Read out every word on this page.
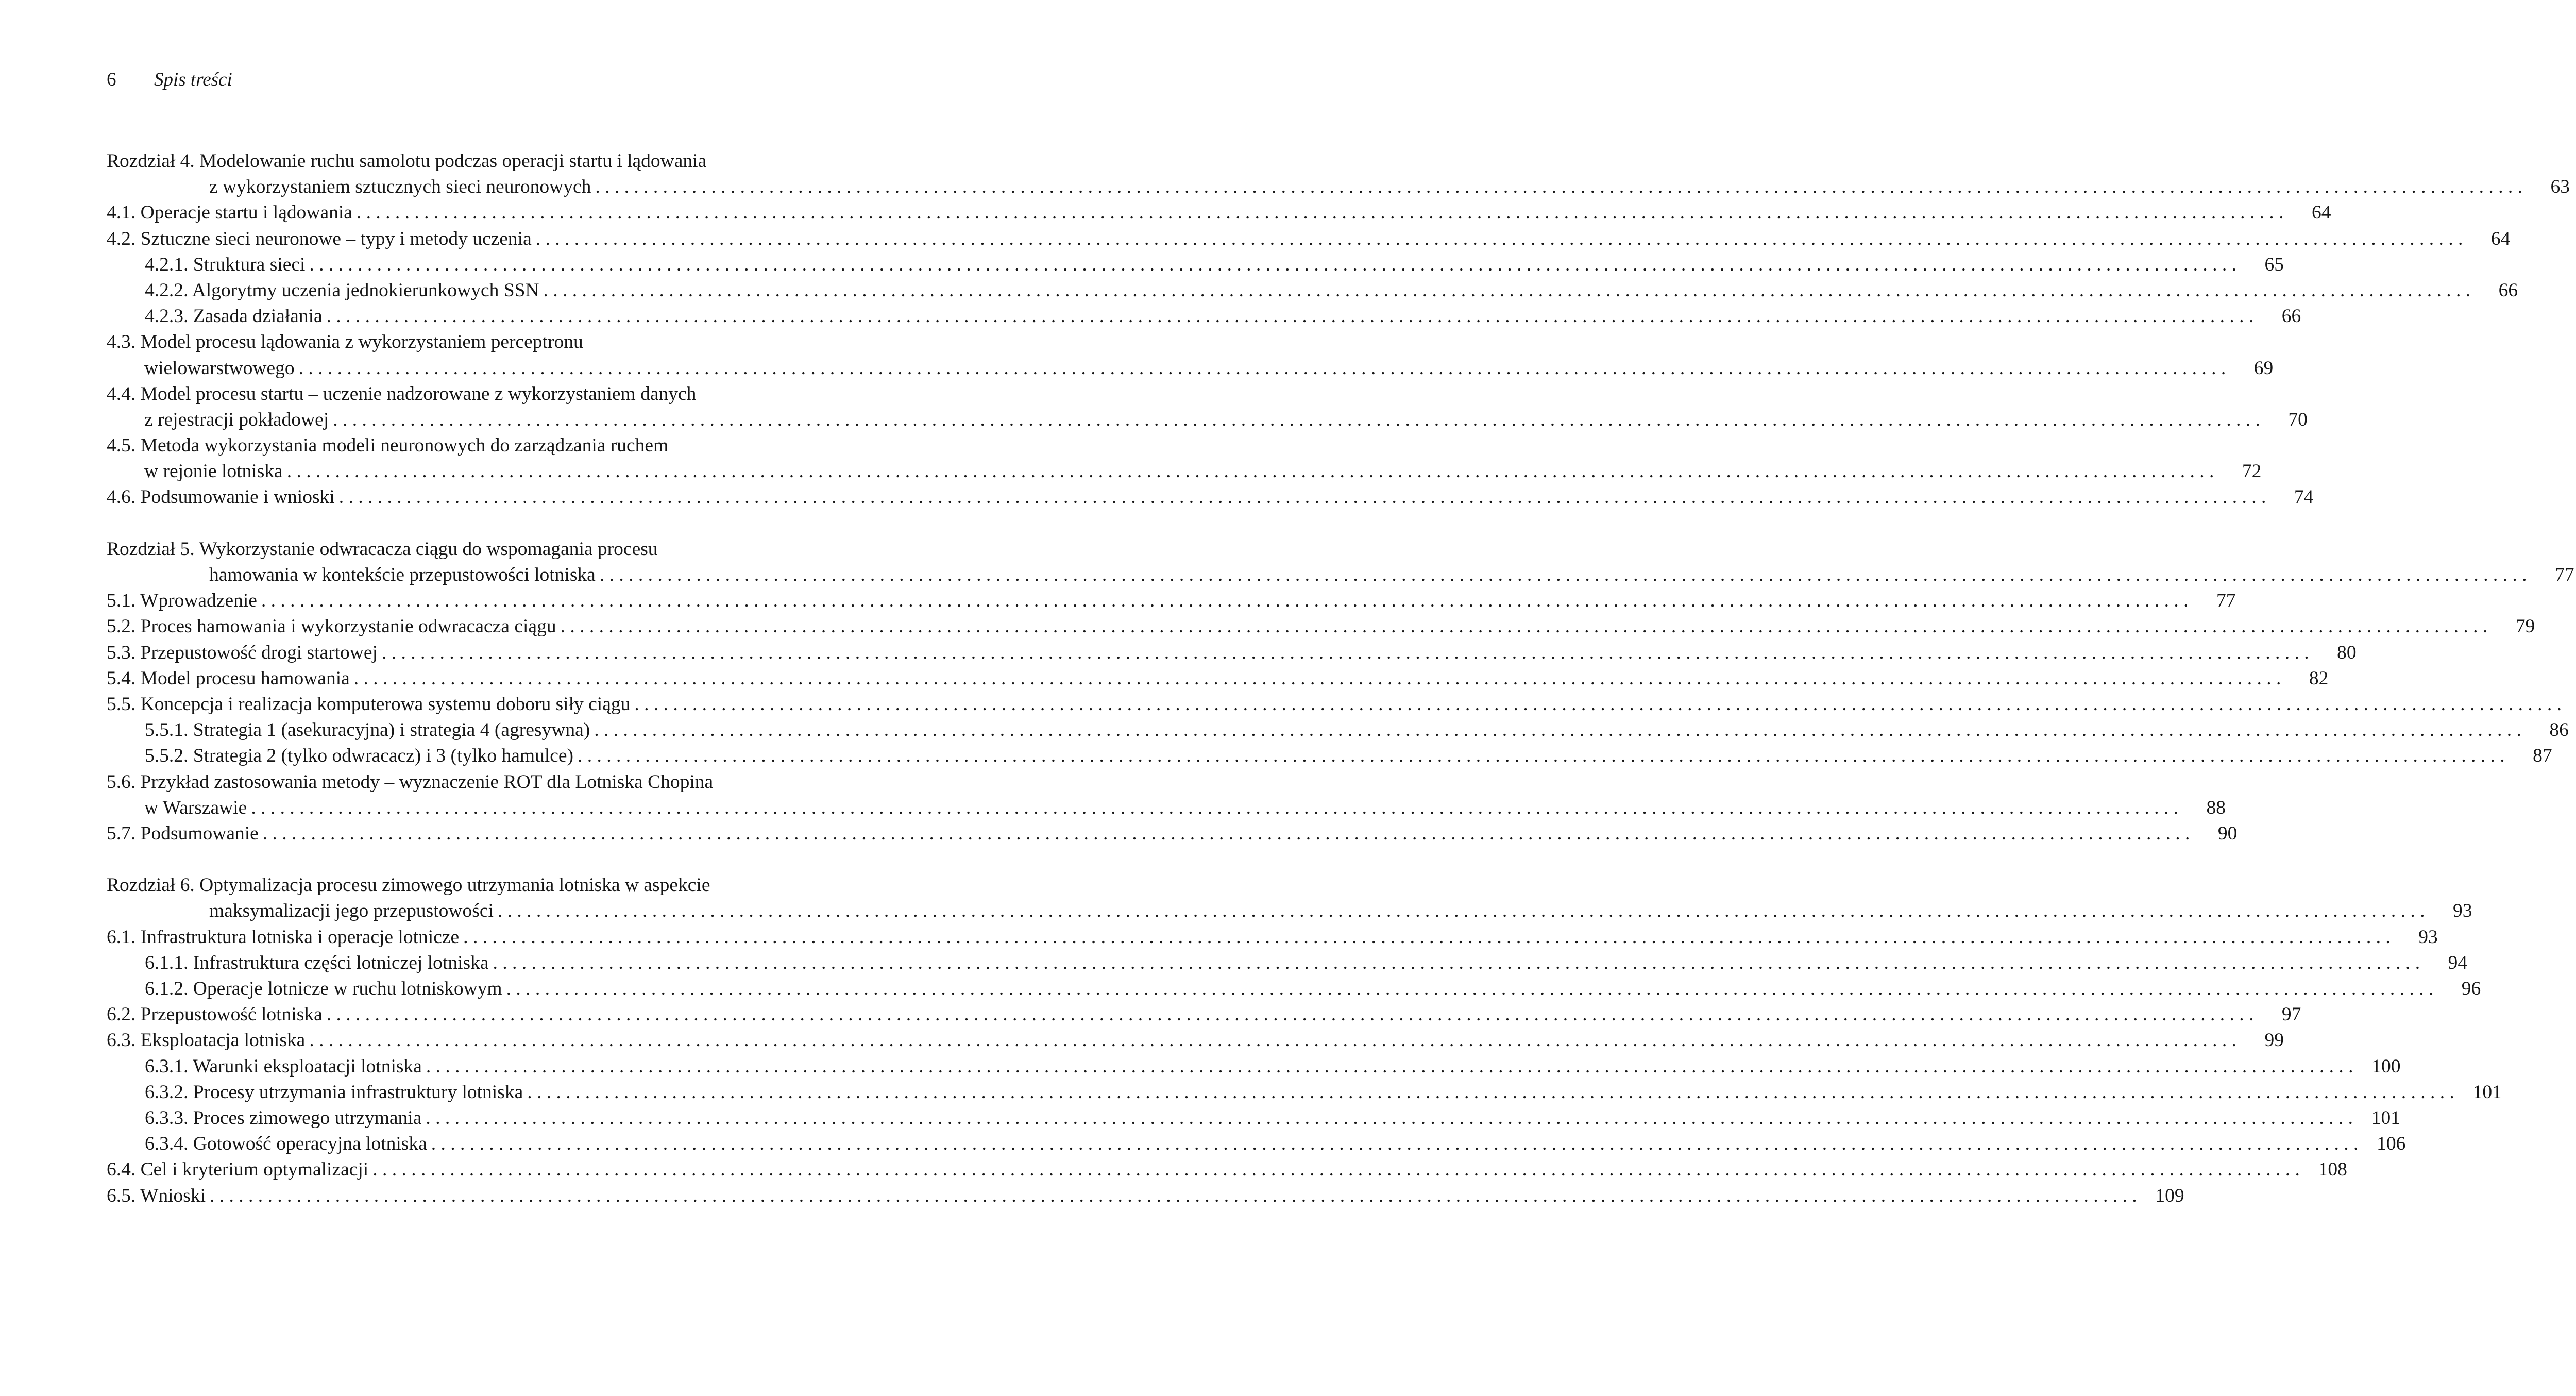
6 Spis treści
Rozdział 4. Modelowanie ruchu samolotu podczas operacji startu i lądowania
z wykorzystaniem sztucznych sieci neuronowych . . . . . . . . . . . . . . . . . . . . . . . . . . . . . . . . . . . . . . . . . . . . . . . . . . . . . . . . . . . . . . . . . . . . . . . . . . . . . . . . . . . . . . . . . . . . . . . . . . . . . . . . . . . . . . . . . . . . . . . . . . . . . . . . . . . . . . . . . . . . . . . . . . . . . . . . . . . . . . . . . . . . . . . . . . . . . . . . . . . . . . . . . . . . . . . . . . . . . . . .	63
4.1. Operacje startu i lądowania . . . . . . . . . . . . . . . . . . . . . . . . . . . . . . . . . . . . . . . . . . . . . . . . . . . . . . . . . . . . . . . . . . . . . . . . . . . . . . . . . . . . . . . . . . . . . . . . . . . . . . . . . . . . . . . . . . . . . . . . . . . . . . . . . . . . . . . . . . . . . . . . . . . . . . . . . . . . . . . . . . . . . . . . . . . . . . . . . . . . . . . . . . . . . . . . . . . . . . . .	64
4.2. Sztuczne sieci neuronowe – typy i metody uczenia . . . . . . . . . . . . . . . . . . . . . . . . . . . . . . . . . . . . . . . . . . . . . . . . . . . . . . . . . . . . . . . . . . . . . . . . . . . . . . . . . . . . . . . . . . . . . . . . . . . . . . . . . . . . . . . . . . . . . . . . . . . . . . . . . . . . . . . . . . . . . . . . . . . . . . . . . . . . . . . . . . . . . . . . . . . . . . . . . . . . . . . . . . . . . . . . . . . . . . . .	64
4.2.1. Struktura sieci . . . . . . . . . . . . . . . . . . . . . . . . . . . . . . . . . . . . . . . . . . . . . . . . . . . . . . . . . . . . . . . . . . . . . . . . . . . . . . . . . . . . . . . . . . . . . . . . . . . . . . . . . . . . . . . . . . . . . . . . . . . . . . . . . . . . . . . . . . . . . . . . . . . . . . . . . . . . . . . . . . . . . . . . . . . . . . . . . . . . . . . . . . . . . . . . . . . . . . . .	65
4.2.2. Algorytmy uczenia jednokierunkowych SSN . . . . . . . . . . . . . . . . . . . . . . . . . . . . . . . . . . . . . . . . . . . . . . . . . . . . . . . . . . . . . . . . . . . . . . . . . . . . . . . . . . . . . . . . . . . . . . . . . . . . . . . . . . . . . . . . . . . . . . . . . . . . . . . . . . . . . . . . . . . . . . . . . . . . . . . . . . . . . . . . . . . . . . . . . . . . . . . . . . . . . . . . . . . . . . . . . . . . . . . .	66
4.2.3. Zasada działania . . . . . . . . . . . . . . . . . . . . . . . . . . . . . . . . . . . . . . . . . . . . . . . . . . . . . . . . . . . . . . . . . . . . . . . . . . . . . . . . . . . . . . . . . . . . . . . . . . . . . . . . . . . . . . . . . . . . . . . . . . . . . . . . . . . . . . . . . . . . . . . . . . . . . . . . . . . . . . . . . . . . . . . . . . . . . . . . . . . . . . . . . . . . . . . . . . . . . . . .	66
4.3. Model procesu lądowania z wykorzystaniem perceptronu
wielowarstwowego . . . . . . . . . . . . . . . . . . . . . . . . . . . . . . . . . . . . . . . . . . . . . . . . . . . . . . . . . . . . . . . . . . . . . . . . . . . . . . . . . . . . . . . . . . . . . . . . . . . . . . . . . . . . . . . . . . . . . . . . . . . . . . . . . . . . . . . . . . . . . . . . . . . . . . . . . . . . . . . . . . . . . . . . . . . . . . . . . . . . . . . . . . . . . . . . . . . . . . . .	69
4.4. Model procesu startu – uczenie nadzorowane z wykorzystaniem danych
z rejestracji pokładowej . . . . . . . . . . . . . . . . . . . . . . . . . . . . . . . . . . . . . . . . . . . . . . . . . . . . . . . . . . . . . . . . . . . . . . . . . . . . . . . . . . . . . . . . . . . . . . . . . . . . . . . . . . . . . . . . . . . . . . . . . . . . . . . . . . . . . . . . . . . . . . . . . . . . . . . . . . . . . . . . . . . . . . . . . . . . . . . . . . . . . . . . . . . . . . . . . . . . . . . .	70
4.5. Metoda wykorzystania modeli neuronowych do zarządzania ruchem
w rejonie lotniska . . . . . . . . . . . . . . . . . . . . . . . . . . . . . . . . . . . . . . . . . . . . . . . . . . . . . . . . . . . . . . . . . . . . . . . . . . . . . . . . . . . . . . . . . . . . . . . . . . . . . . . . . . . . . . . . . . . . . . . . . . . . . . . . . . . . . . . . . . . . . . . . . . . . . . . . . . . . . . . . . . . . . . . . . . . . . . . . . . . . . . . . . . . . . . . . . . . . . . . .	72
4.6. Podsumowanie i wnioski . . . . . . . . . . . . . . . . . . . . . . . . . . . . . . . . . . . . . . . . . . . . . . . . . . . . . . . . . . . . . . . . . . . . . . . . . . . . . . . . . . . . . . . . . . . . . . . . . . . . . . . . . . . . . . . . . . . . . . . . . . . . . . . . . . . . . . . . . . . . . . . . . . . . . . . . . . . . . . . . . . . . . . . . . . . . . . . . . . . . . . . . . . . . . . . . . . . . . . . .	74
Rozdział 5. Wykorzystanie odwracacza ciągu do wspomagania procesu
hamowania w kontekście przepustowości lotniska . . . . . . . . . . . . . . . . . . . . . . . . . . . . . . . . . . . . . . . . . . . . . . . . . . . . . . . . . . . . . . . . . . . . . . . . . . . . . . . . . . . . . . . . . . . . . . . . . . . . . . . . . . . . . . . . . . . . . . . . . . . . . . . . . . . . . . . . . . . . . . . . . . . . . . . . . . . . . . . . . . . . . . . . . . . . . . . . . . . . . . . . . . . . . . . . . . . . . . . .	77
5.1. Wprowadzenie . . . . . . . . . . . . . . . . . . . . . . . . . . . . . . . . . . . . . . . . . . . . . . . . . . . . . . . . . . . . . . . . . . . . . . . . . . . . . . . . . . . . . . . . . . . . . . . . . . . . . . . . . . . . . . . . . . . . . . . . . . . . . . . . . . . . . . . . . . . . . . . . . . . . . . . . . . . . . . . . . . . . . . . . . . . . . . . . . . . . . . . . . . . . . . . . . . . . . . . .	77
5.2. Proces hamowania i wykorzystanie odwracacza ciągu . . . . . . . . . . . . . . . . . . . . . . . . . . . . . . . . . . . . . . . . . . . . . . . . . . . . . . . . . . . . . . . . . . . . . . . . . . . . . . . . . . . . . . . . . . . . . . . . . . . . . . . . . . . . . . . . . . . . . . . . . . . . . . . . . . . . . . . . . . . . . . . . . . . . . . . . . . . . . . . . . . . . . . . . . . . . . . . . . . . . . . . . . . . . . . . . . . . . . . . .	79
5.3. Przepustowość drogi startowej . . . . . . . . . . . . . . . . . . . . . . . . . . . . . . . . . . . . . . . . . . . . . . . . . . . . . . . . . . . . . . . . . . . . . . . . . . . . . . . . . . . . . . . . . . . . . . . . . . . . . . . . . . . . . . . . . . . . . . . . . . . . . . . . . . . . . . . . . . . . . . . . . . . . . . . . . . . . . . . . . . . . . . . . . . . . . . . . . . . . . . . . . . . . . . . . . . . . . . . .	80
5.4. Model procesu hamowania . . . . . . . . . . . . . . . . . . . . . . . . . . . . . . . . . . . . . . . . . . . . . . . . . . . . . . . . . . . . . . . . . . . . . . . . . . . . . . . . . . . . . . . . . . . . . . . . . . . . . . . . . . . . . . . . . . . . . . . . . . . . . . . . . . . . . . . . . . . . . . . . . . . . . . . . . . . . . . . . . . . . . . . . . . . . . . . . . . . . . . . . . . . . . . . . . . . . . . . .	82
5.5. Koncepcja i realizacja komputerowa systemu doboru siły ciągu . . . . . . . . . . . . . . . . . . . . . . . . . . . . . . . . . . . . . . . . . . . . . . . . . . . . . . . . . . . . . . . . . . . . . . . . . . . . . . . . . . . . . . . . . . . . . . . . . . . . . . . . . . . . . . . . . . . . . . . . . . . . . . . . . . . . . . . . . . . . . . . . . . . . . . . . . . . . . . . . . . . . . . . . . . . . . . . . . . . . . . . . . . . . . . . . . . . . . . . .
5.5.1. Strategia 1 (asekuracyjna) i strategia 4 (agresywna) . . . . . . . . . . . . . . . . . . . . . . . . . . . . . . . . . . . . . . . . . . . . . . . . . . . . . . . . . . . . . . . . . . . . . . . . . . . . . . . . . . . . . . . . . . . . . . . . . . . . . . . . . . . . . . . . . . . . . . . . . . . . . . . . . . . . . . . . . . . . . . . . . . . . . . . . . . . . . . . . . . . . . . . . . . . . . . . . . . . . . . . . . . . . . . . . . . . . . . . .	86
5.5.2. Strategia 2 (tylko odwracacz) i 3 (tylko hamulce) . . . . . . . . . . . . . . . . . . . . . . . . . . . . . . . . . . . . . . . . . . . . . . . . . . . . . . . . . . . . . . . . . . . . . . . . . . . . . . . . . . . . . . . . . . . . . . . . . . . . . . . . . . . . . . . . . . . . . . . . . . . . . . . . . . . . . . . . . . . . . . . . . . . . . . . . . . . . . . . . . . . . . . . . . . . . . . . . . . . . . . . . . . . . . . . . . . . . . . . .	87
5.6. Przykład zastosowania metody – wyznaczenie ROT dla Lotniska Chopina
w Warszawie . . . . . . . . . . . . . . . . . . . . . . . . . . . . . . . . . . . . . . . . . . . . . . . . . . . . . . . . . . . . . . . . . . . . . . . . . . . . . . . . . . . . . . . . . . . . . . . . . . . . . . . . . . . . . . . . . . . . . . . . . . . . . . . . . . . . . . . . . . . . . . . . . . . . . . . . . . . . . . . . . . . . . . . . . . . . . . . . . . . . . . . . . . . . . . . . . . . . . . . .	88
5.7. Podsumowanie . . . . . . . . . . . . . . . . . . . . . . . . . . . . . . . . . . . . . . . . . . . . . . . . . . . . . . . . . . . . . . . . . . . . . . . . . . . . . . . . . . . . . . . . . . . . . . . . . . . . . . . . . . . . . . . . . . . . . . . . . . . . . . . . . . . . . . . . . . . . . . . . . . . . . . . . . . . . . . . . . . . . . . . . . . . . . . . . . . . . . . . . . . . . . . . . . . . . . . . .	90
Rozdział 6. Optymalizacja procesu zimowego utrzymania lotniska w aspekcie
maksymalizacji jego przepustowości . . . . . . . . . . . . . . . . . . . . . . . . . . . . . . . . . . . . . . . . . . . . . . . . . . . . . . . . . . . . . . . . . . . . . . . . . . . . . . . . . . . . . . . . . . . . . . . . . . . . . . . . . . . . . . . . . . . . . . . . . . . . . . . . . . . . . . . . . . . . . . . . . . . . . . . . . . . . . . . . . . . . . . . . . . . . . . . . . . . . . . . . . . . . . . . . . . . . . . . .	93
6.1. Infrastruktura lotniska i operacje lotnicze . . . . . . . . . . . . . . . . . . . . . . . . . . . . . . . . . . . . . . . . . . . . . . . . . . . . . . . . . . . . . . . . . . . . . . . . . . . . . . . . . . . . . . . . . . . . . . . . . . . . . . . . . . . . . . . . . . . . . . . . . . . . . . . . . . . . . . . . . . . . . . . . . . . . . . . . . . . . . . . . . . . . . . . . . . . . . . . . . . . . . . . . . . . . . . . . . . . . . . . .	93
6.1.1. Infrastruktura części lotniczej lotniska . . . . . . . . . . . . . . . . . . . . . . . . . . . . . . . . . . . . . . . . . . . . . . . . . . . . . . . . . . . . . . . . . . . . . . . . . . . . . . . . . . . . . . . . . . . . . . . . . . . . . . . . . . . . . . . . . . . . . . . . . . . . . . . . . . . . . . . . . . . . . . . . . . . . . . . . . . . . . . . . . . . . . . . . . . . . . . . . . . . . . . . . . . . . . . . . . . . . . . . .	94
6.1.2. Operacje lotnicze w ruchu lotniskowym . . . . . . . . . . . . . . . . . . . . . . . . . . . . . . . . . . . . . . . . . . . . . . . . . . . . . . . . . . . . . . . . . . . . . . . . . . . . . . . . . . . . . . . . . . . . . . . . . . . . . . . . . . . . . . . . . . . . . . . . . . . . . . . . . . . . . . . . . . . . . . . . . . . . . . . . . . . . . . . . . . . . . . . . . . . . . . . . . . . . . . . . . . . . . . . . . . . . . . . .	96
6.2. Przepustowość lotniska . . . . . . . . . . . . . . . . . . . . . . . . . . . . . . . . . . . . . . . . . . . . . . . . . . . . . . . . . . . . . . . . . . . . . . . . . . . . . . . . . . . . . . . . . . . . . . . . . . . . . . . . . . . . . . . . . . . . . . . . . . . . . . . . . . . . . . . . . . . . . . . . . . . . . . . . . . . . . . . . . . . . . . . . . . . . . . . . . . . . . . . . . . . . . . . . . . . . . . . .	97
6.3. Eksploatacja lotniska . . . . . . . . . . . . . . . . . . . . . . . . . . . . . . . . . . . . . . . . . . . . . . . . . . . . . . . . . . . . . . . . . . . . . . . . . . . . . . . . . . . . . . . . . . . . . . . . . . . . . . . . . . . . . . . . . . . . . . . . . . . . . . . . . . . . . . . . . . . . . . . . . . . . . . . . . . . . . . . . . . . . . . . . . . . . . . . . . . . . . . . . . . . . . . . . . . . . . . . .	99
6.3.1. Warunki eksploatacji lotniska . . . . . . . . . . . . . . . . . . . . . . . . . . . . . . . . . . . . . . . . . . . . . . . . . . . . . . . . . . . . . . . . . . . . . . . . . . . . . . . . . . . . . . . . . . . . . . . . . . . . . . . . . . . . . . . . . . . . . . . . . . . . . . . . . . . . . . . . . . . . . . . . . . . . . . . . . . . . . . . . . . . . . . . . . . . . . . . . . . . . . . . . . . . . . . . . . . . . . . . . 100
6.3.2. Procesy utrzymania infrastruktury lotniska . . . . . . . . . . . . . . . . . . . . . . . . . . . . . . . . . . . . . . . . . . . . . . . . . . . . . . . . . . . . . . . . . . . . . . . . . . . . . . . . . . . . . . . . . . . . . . . . . . . . . . . . . . . . . . . . . . . . . . . . . . . . . . . . . . . . . . . . . . . . . . . . . . . . . . . . . . . . . . . . . . . . . . . . . . . . . . . . . . . . . . . . . . . . . . . . . . . . . . . . 101
6.3.3. Proces zimowego utrzymania . . . . . . . . . . . . . . . . . . . . . . . . . . . . . . . . . . . . . . . . . . . . . . . . . . . . . . . . . . . . . . . . . . . . . . . . . . . . . . . . . . . . . . . . . . . . . . . . . . . . . . . . . . . . . . . . . . . . . . . . . . . . . . . . . . . . . . . . . . . . . . . . . . . . . . . . . . . . . . . . . . . . . . . . . . . . . . . . . . . . . . . . . . . . . . . . . . . . . . . . 101
6.3.4. Gotowość operacyjna lotniska . . . . . . . . . . . . . . . . . . . . . . . . . . . . . . . . . . . . . . . . . . . . . . . . . . . . . . . . . . . . . . . . . . . . . . . . . . . . . . . . . . . . . . . . . . . . . . . . . . . . . . . . . . . . . . . . . . . . . . . . . . . . . . . . . . . . . . . . . . . . . . . . . . . . . . . . . . . . . . . . . . . . . . . . . . . . . . . . . . . . . . . . . . . . . . . . . . . . . . . . 106
6.4. Cel i kryterium optymalizacji . . . . . . . . . . . . . . . . . . . . . . . . . . . . . . . . . . . . . . . . . . . . . . . . . . . . . . . . . . . . . . . . . . . . . . . . . . . . . . . . . . . . . . . . . . . . . . . . . . . . . . . . . . . . . . . . . . . . . . . . . . . . . . . . . . . . . . . . . . . . . . . . . . . . . . . . . . . . . . . . . . . . . . . . . . . . . . . . . . . . . . . . . . . . . . . . . . . . . . . . 108
6.5. Wnioski . . . . . . . . . . . . . . . . . . . . . . . . . . . . . . . . . . . . . . . . . . . . . . . . . . . . . . . . . . . . . . . . . . . . . . . . . . . . . . . . . . . . . . . . . . . . . . . . . . . . . . . . . . . . . . . . . . . . . . . . . . . . . . . . . . . . . . . . . . . . . . . . . . . . . . . . . . . . . . . . . . . . . . . . . . . . . . . . . . . . . . . . . . . . . . . . . . . . . . . . 109
